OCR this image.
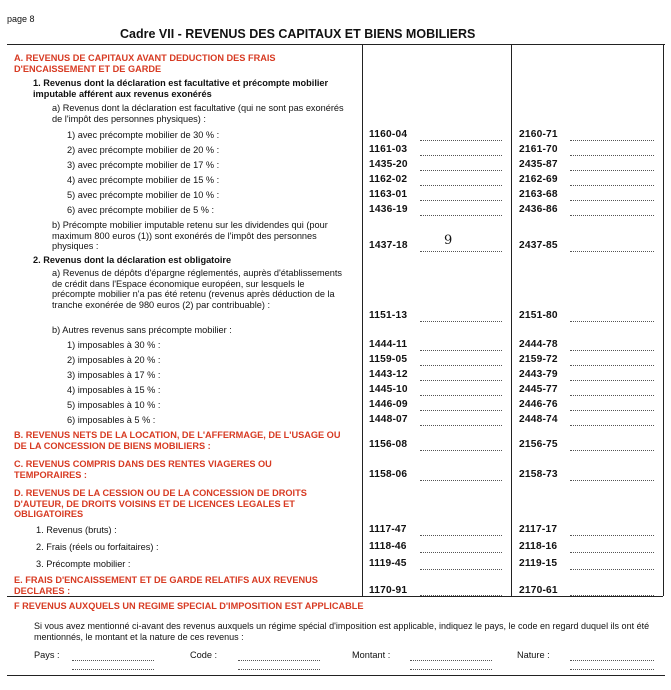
page 8
Cadre VII - REVENUS DES CAPITAUX ET BIENS MOBILIERS
A. REVENUS DE CAPITAUX AVANT DEDUCTION DES FRAIS D'ENCAISSEMENT ET DE GARDE
1. Revenus dont la déclaration est facultative et précompte mobilier imputable afférent aux revenus exonérés
a) Revenus dont la déclaration est facultative (qui ne sont pas exonérés de l'impôt des personnes physiques) :
1) avec précompte mobilier de 30 % :	1160-04	2160-71
2) avec précompte mobilier de 20 % :	1161-03	2161-70
3) avec précompte mobilier de 17 % :	1435-20	2435-87
4) avec précompte mobilier de 15 % :	1162-02	2162-69
5) avec précompte mobilier de 10 % :	1163-01	2163-68
6) avec précompte mobilier de 5 % :	1436-19	2436-86
b) Précompte mobilier imputable retenu sur les dividendes qui (pour maximum 800 euros (1)) sont exonérés de l'impôt des personnes physiques :	1437-18	9	2437-85
2. Revenus dont la déclaration est obligatoire
a) Revenus de dépôts d'épargne réglementés, auprès d'établissements de crédit dans l'Espace économique européen, sur lesquels le précompte mobilier n'a pas été retenu (revenus après déduction de la tranche exonérée de 980 euros (2) par contribuable) :
1151-13	2151-80
b) Autres revenus sans précompte mobilier :
1) imposables à 30 % :	1444-11	2444-78
2) imposables à 20 % :	1159-05	2159-72
3) imposables à 17 % :	1443-12	2443-79
4) imposables à 15 % :	1445-10	2445-77
5) imposables à 10 % :	1446-09	2446-76
6) imposables à 5 % :	1448-07	2448-74
B. REVENUS NETS DE LA LOCATION, DE L'AFFERMAGE, DE L'USAGE OU DE LA CONCESSION DE BIENS MOBILIERS :	1156-08	2156-75
C. REVENUS COMPRIS DANS DES RENTES VIAGERES OU TEMPORAIRES :	1158-06	2158-73
D. REVENUS DE LA CESSION OU DE LA CONCESSION DE DROITS D'AUTEUR, DE DROITS VOISINS ET DE LICENCES LEGALES ET OBLIGATOIRES
1. Revenus (bruts) :	1117-47	2117-17
2. Frais (réels ou forfaitaires) :	1118-46	2118-16
3. Précompte mobilier :	1119-45	2119-15
E. FRAIS D'ENCAISSEMENT ET DE GARDE RELATIFS AUX REVENUS DECLARES :	1170-91	2170-61
F REVENUS AUXQUELS UN REGIME SPECIAL D'IMPOSITION EST APPLICABLE
Si vous avez mentionné ci-avant des revenus auxquels un régime spécial d'imposition est applicable, indiquez le pays, le code en regard duquel ils ont été mentionnés, le montant et la nature de ces revenus :
Pays :	Code :	Montant :	Nature :
